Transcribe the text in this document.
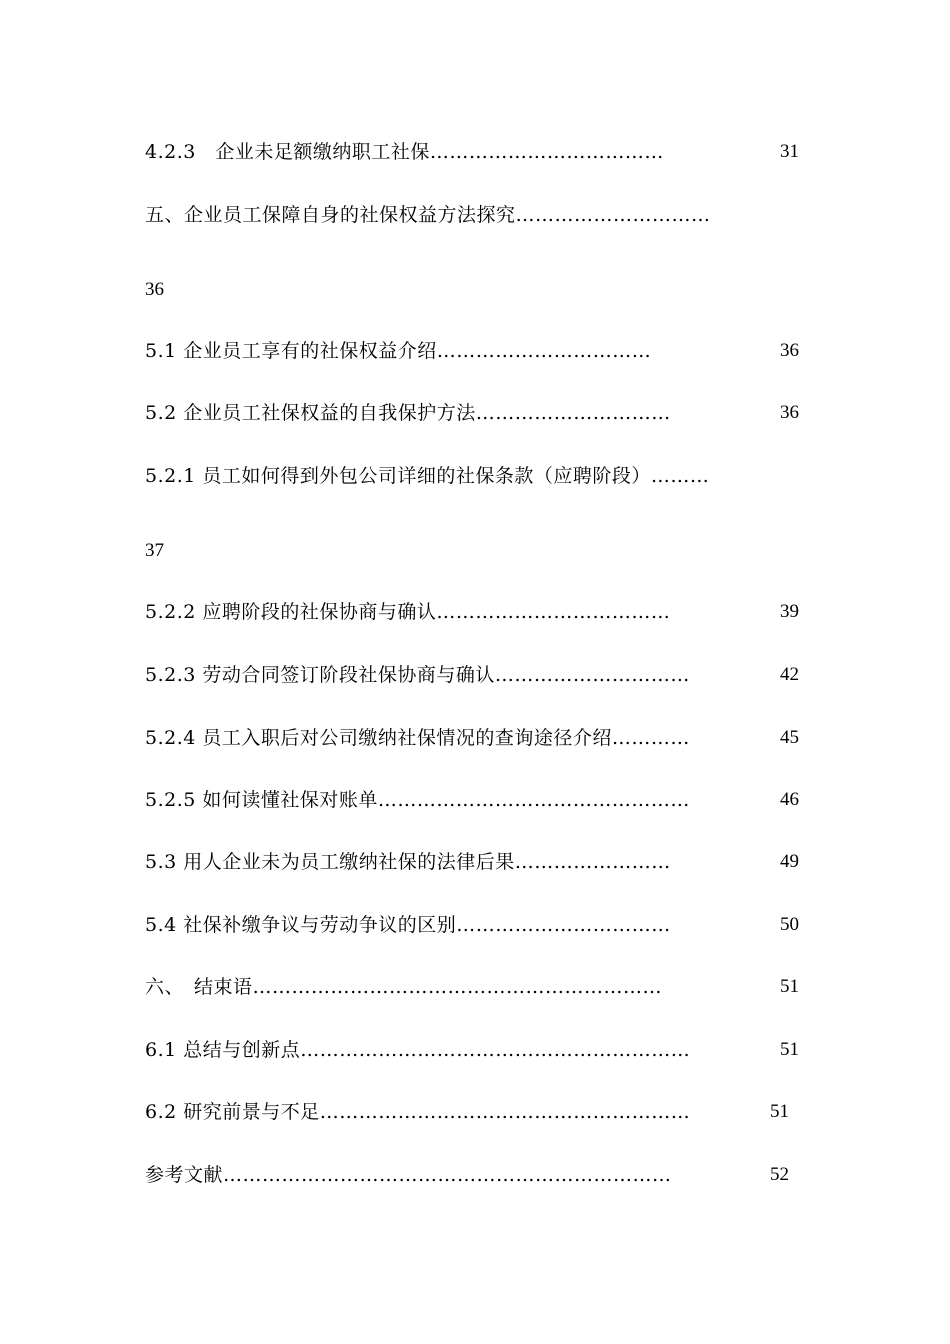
4.2.3　企业未足额缴纳职工社保………………………………	31
五、企业员工保障自身的社保权益方法探究…………………………
36
5.1 企业员工享有的社保权益介绍……………………………	36
5.2 企业员工社保权益的自我保护方法…………………………	36
5.2.1 员工如何得到外包公司详细的社保条款（应聘阶段）………
37
5.2.2 应聘阶段的社保协商与确认………………………………	39
5.2.3 劳动合同签订阶段社保协商与确认…………………………	42
5.2.4 员工入职后对公司缴纳社保情况的查询途径介绍…………	45
5.2.5 如何读懂社保对账单…………………………………………	46
5.3 用人企业未为员工缴纳社保的法律后果……………………	49
5.4 社保补缴争议与劳动争议的区别……………………………	50
六、　结束语………………………………………………………	51
6.1 总结与创新点……………………………………………………	51
6.2 研究前景与不足…………………………………………………	51
参考文献……………………………………………………………	52
